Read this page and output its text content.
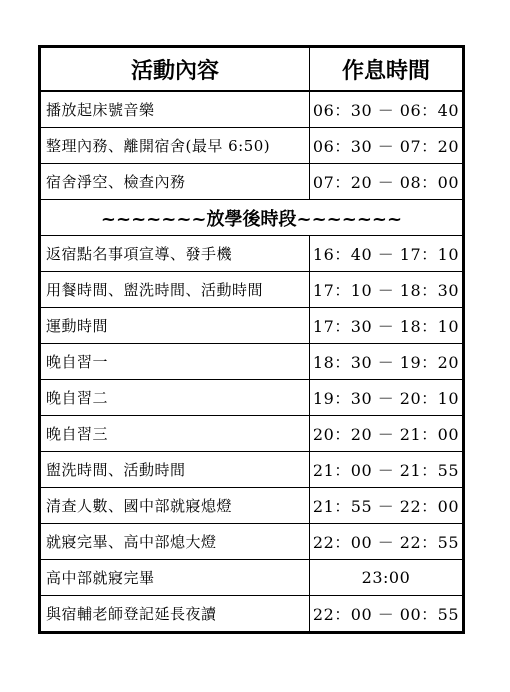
活動內容	作息時間
播放起床號音樂	06：30 － 06：40
整理內務、離開宿舍(最早 6:50)	06：30 － 07：20
宿舍淨空、檢查內務	07：20 － 08：00
~~~~~~~放學後時段~~~~~~~	
返宿點名事項宣導、發手機	16：40 － 17：10
用餐時間、盥洗時間、活動時間	17：10 － 18：30
運動時間	17：30 － 18：10
晚自習一	18：30 － 19：20
晚自習二	19：30 － 20：10
晚自習三	20：20 － 21：00
盥洗時間、活動時間	21：00 － 21：55
清查人數、國中部就寢熄燈	21：55 － 22：00
就寢完畢、高中部熄大燈	22：00 － 22：55
高中部就寢完畢	23:00
與宿輔老師登記延長夜讀	22：00 － 00：55
